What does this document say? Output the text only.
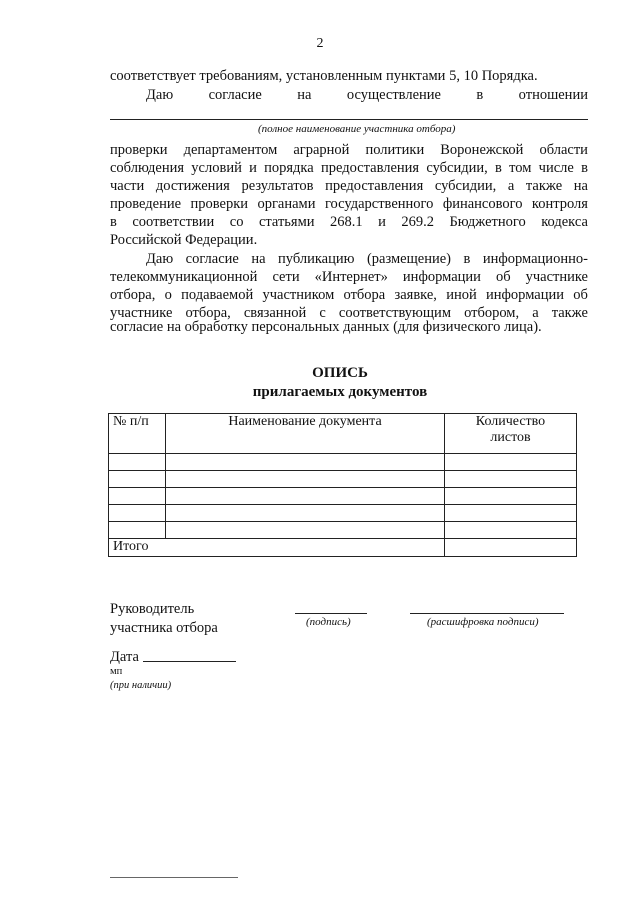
2
соответствует требованиям, установленным пунктами 5, 10 Порядка.
Даю согласие на осуществление в отношении
(полное наименование участника отбора)
проверки департаментом аграрной политики Воронежской области
соблюдения условий и порядка предоставления субсидии, в том числе в
части достижения результатов предоставления субсидии, а также на
проведение проверки органами государственного финансового контроля
в соответствии со статьями 268.1 и 269.2 Бюджетного кодекса
Российской Федерации.
Даю согласие на публикацию (размещение) в информационно-
телекоммуникационной сети «Интернет» информации об участнике
отбора, о подаваемой участником отбора заявке, иной информации об
участнике отбора, связанной с соответствующим отбором, а также
согласие на обработку персональных данных (для физического лица).
ОПИСЬ
прилагаемых документов
№ п/п	Наименование документа	Количество листов

Итого		
Руководитель
участника отбора	(подпись)	(расшифровка подписи)
Дата
мп
(при наличии)
